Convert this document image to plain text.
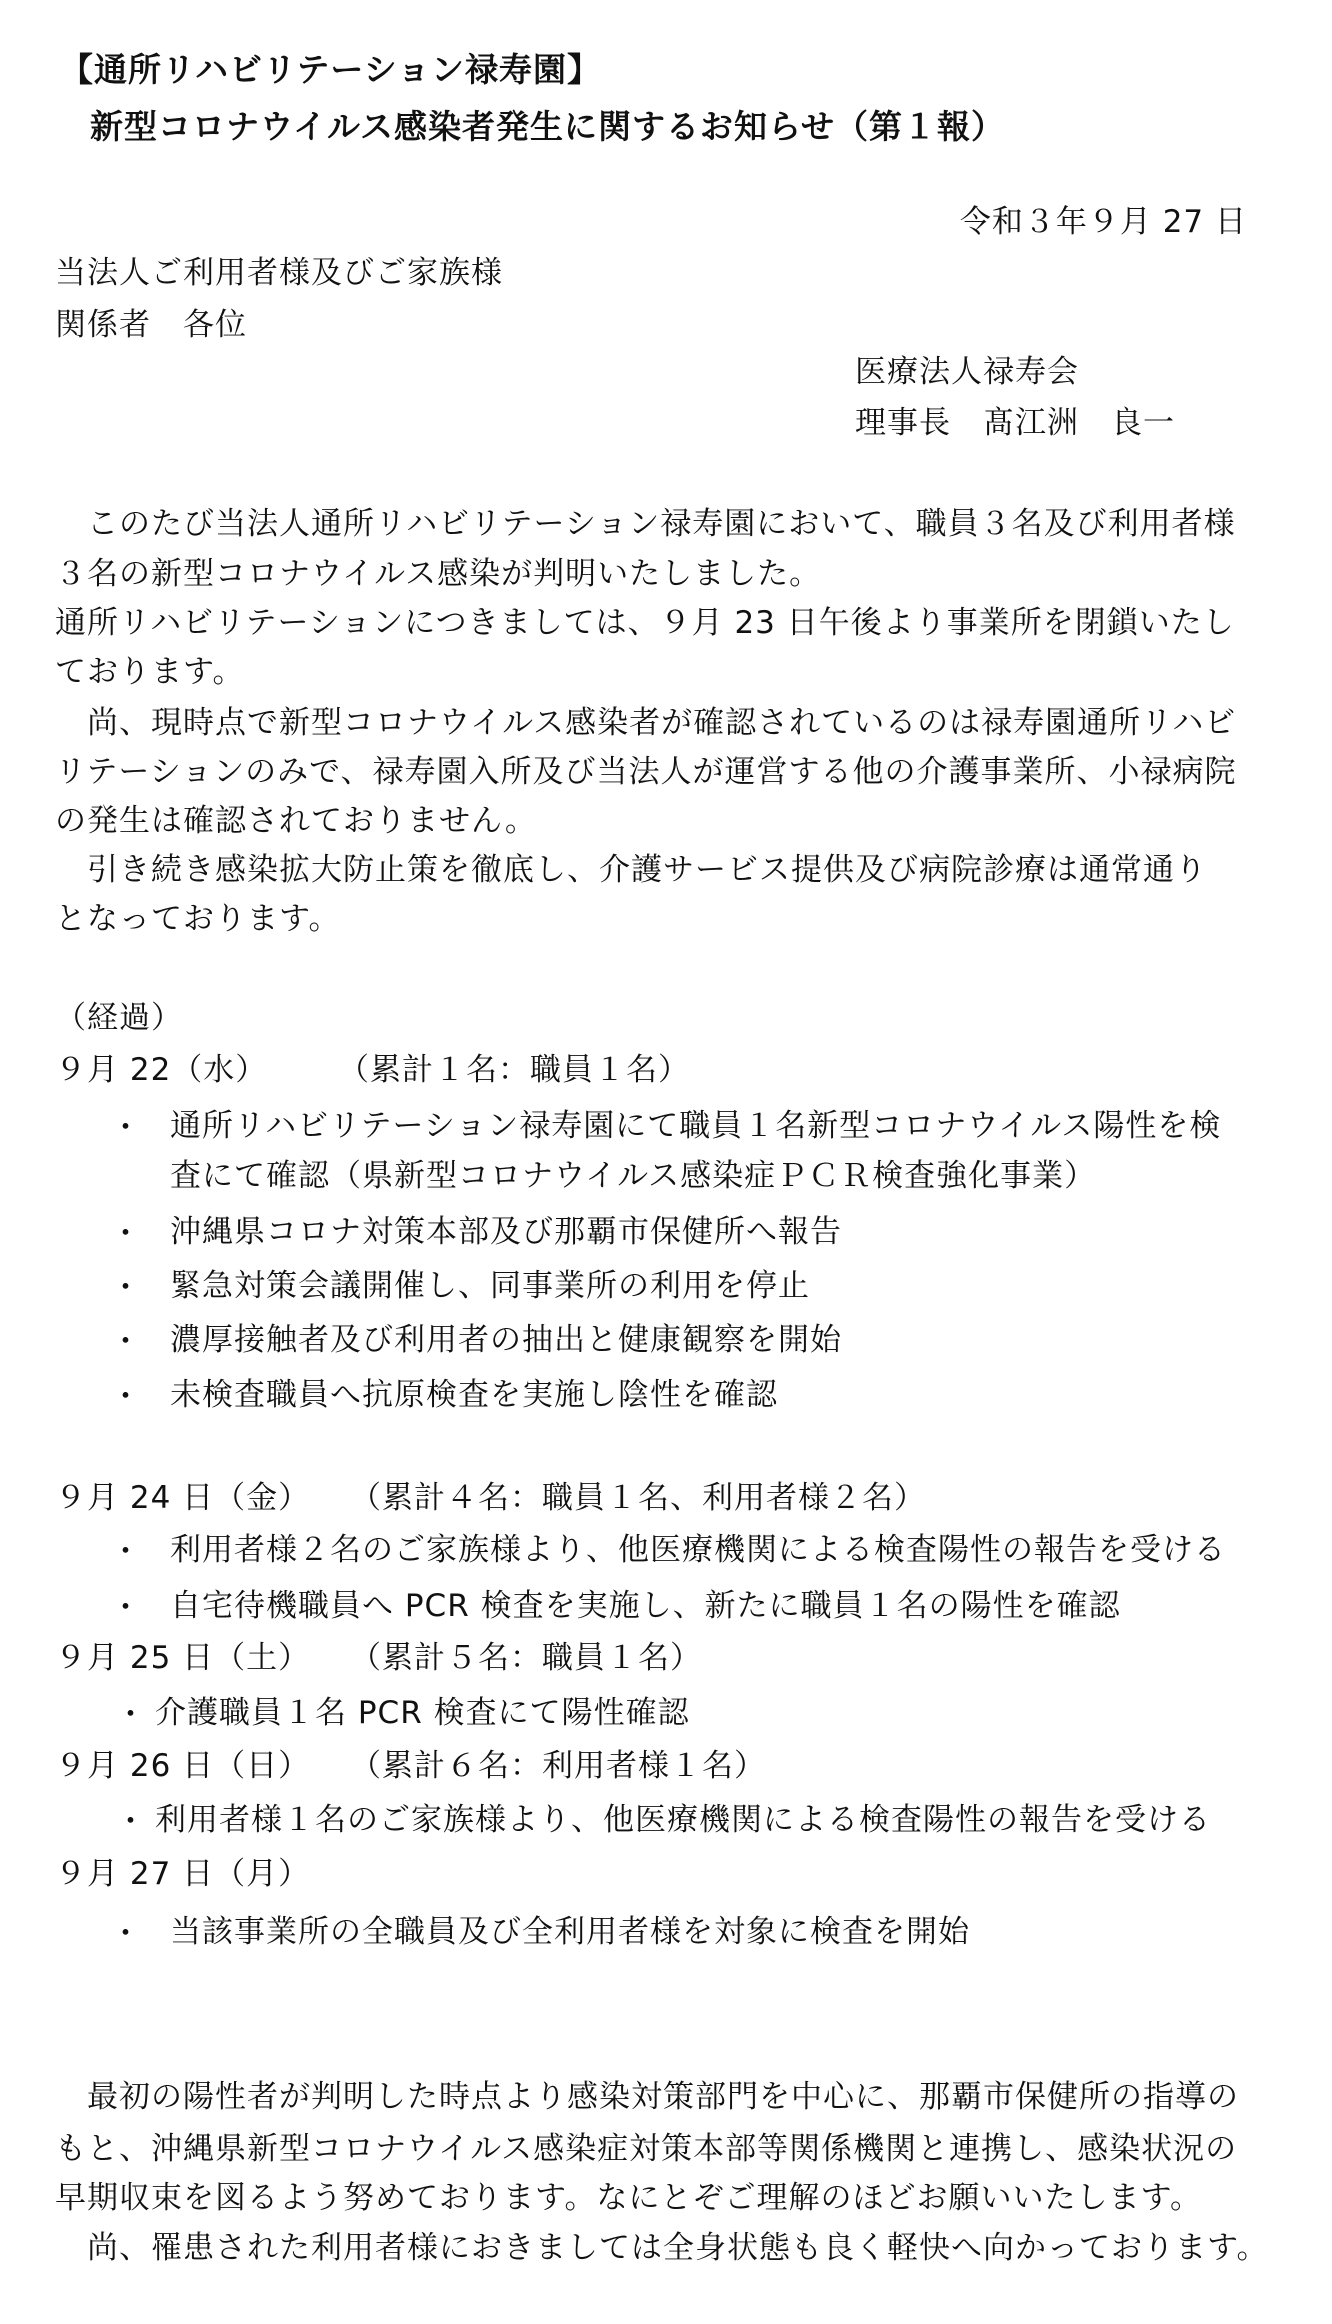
【通所リハビリテーション禄寿園】
新型コロナウイルス感染者発生に関するお知らせ（第１報）
令和３年９月 27 日
当法人ご利用者様及びご家族様
関係者　各位
医療法人禄寿会
理事長　髙江洲　良一
　このたび当法人通所リハビリテーション禄寿園において、職員３名及び利用者様
３名の新型コロナウイルス感染が判明いたしました。
通所リハビリテーションにつきましては、９月 23 日午後より事業所を閉鎖いたし
ております。
　尚、現時点で新型コロナウイルス感染者が確認されているのは禄寿園通所リハビ
リテーションのみで、禄寿園入所及び当法人が運営する他の介護事業所、小禄病院
の発生は確認されておりません。
　引き続き感染拡大防止策を徹底し、介護サービス提供及び病院診療は通常通り
となっております。
（経過）
９月 22（水） （累計１名：職員１名）
・ 通所リハビリテーション禄寿園にて職員１名新型コロナウイルス陽性を検
査にて確認（県新型コロナウイルス感染症ＰＣＲ検査強化事業）
・ 沖縄県コロナ対策本部及び那覇市保健所へ報告
・ 緊急対策会議開催し、同事業所の利用を停止
・ 濃厚接触者及び利用者の抽出と健康観察を開始
・ 未検査職員へ抗原検査を実施し陰性を確認
９月 24 日（金） （累計４名：職員１名、利用者様２名）
・ 利用者様２名のご家族様より、他医療機関による検査陽性の報告を受ける
・ 自宅待機職員へ PCR 検査を実施し、新たに職員１名の陽性を確認
９月 25 日（土） （累計５名：職員１名）
・ 介護職員１名 PCR 検査にて陽性確認
９月 26 日（日） （累計６名：利用者様１名）
・ 利用者様１名のご家族様より、他医療機関による検査陽性の報告を受ける
９月 27 日（月）
・ 当該事業所の全職員及び全利用者様を対象に検査を開始
　最初の陽性者が判明した時点より感染対策部門を中心に、那覇市保健所の指導の
もと、沖縄県新型コロナウイルス感染症対策本部等関係機関と連携し、感染状況の
早期収束を図るよう努めております。なにとぞご理解のほどお願いいたします。
　尚、罹患された利用者様におきましては全身状態も良く軽快へ向かっております。
